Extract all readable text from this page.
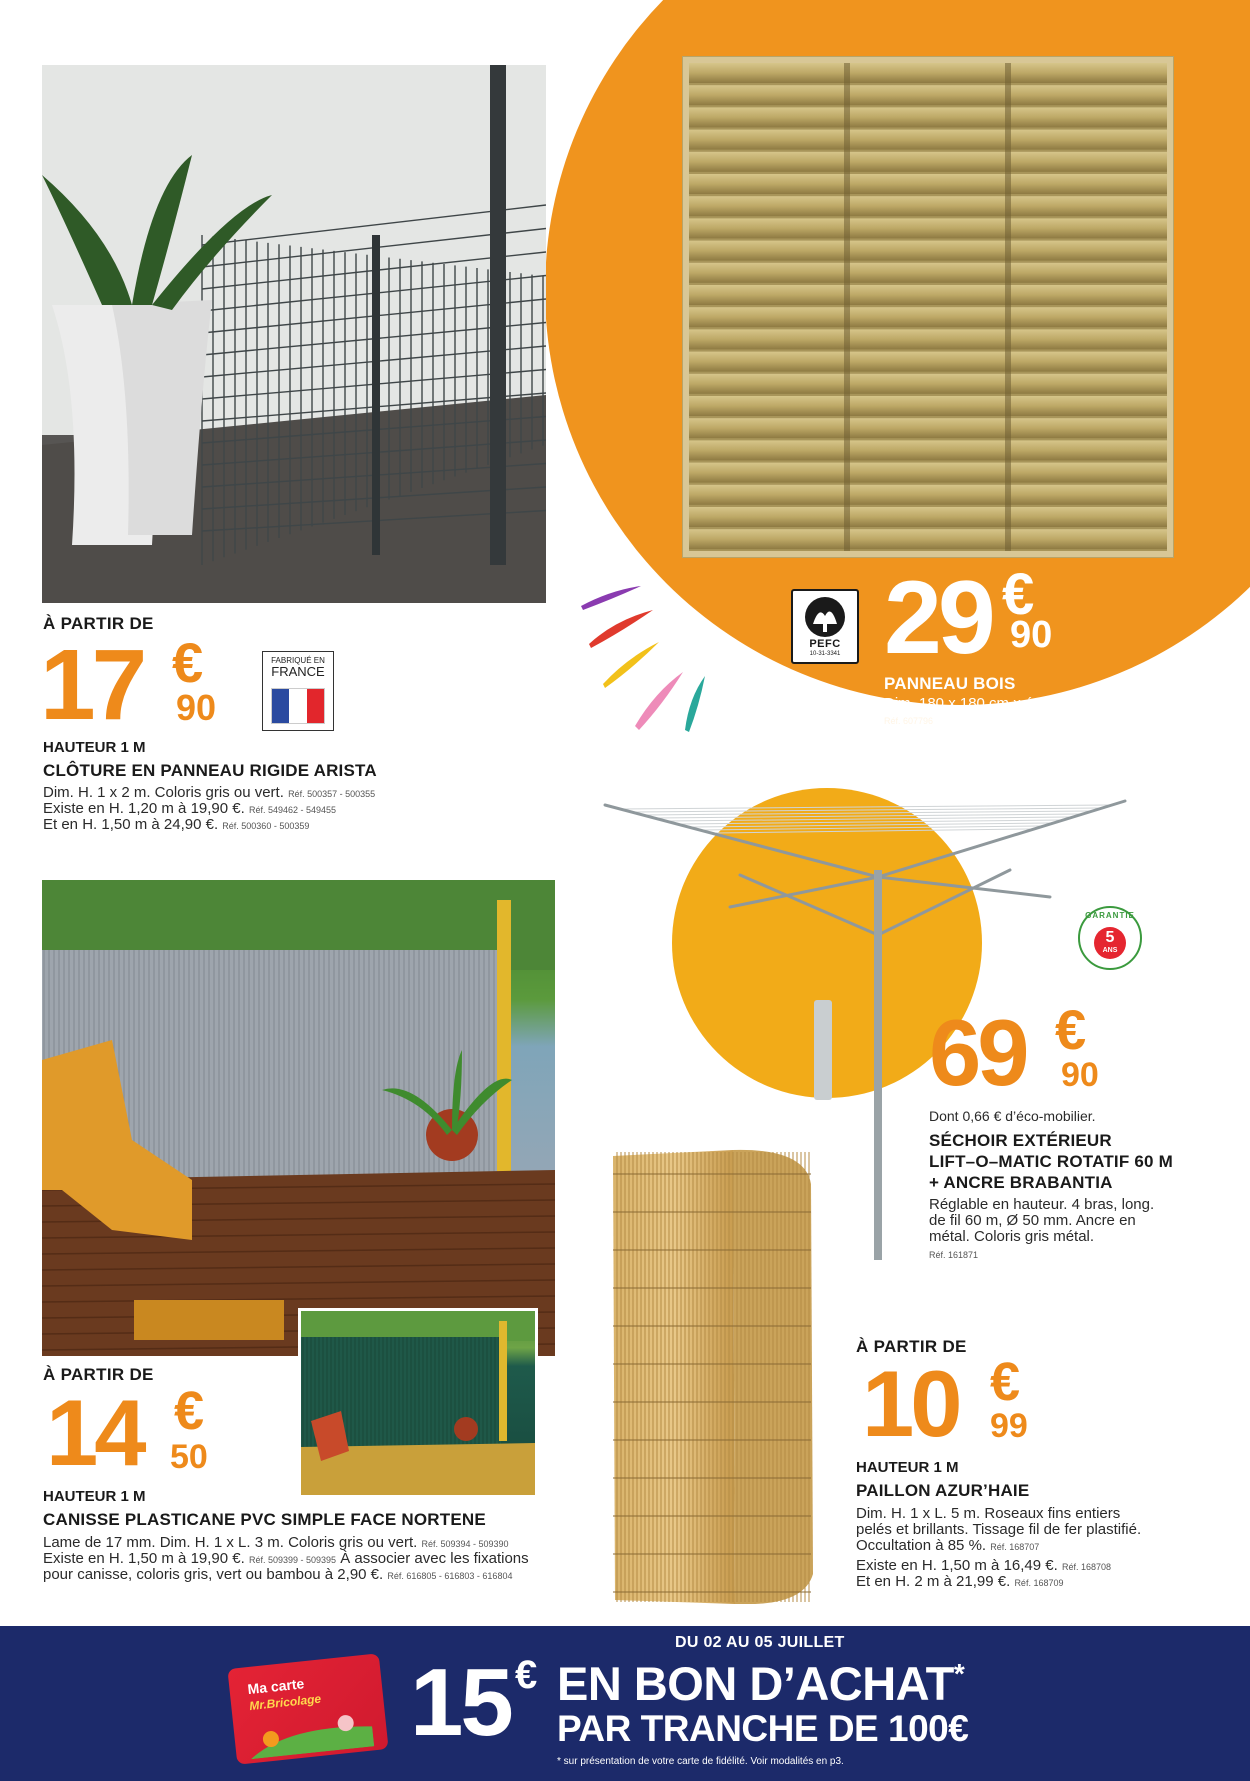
PEFC
10-31-3341 29 €
90
PANNEAU BOIS
Dim. 180 x 180 cm x ép. 30 mm.
Réf. 607796
À PARTIR DE
17 €
90
FABRIQUÉ EN
FRANCE
HAUTEUR 1 M
CLÔTURE EN PANNEAU RIGIDE ARISTA
Dim. H. 1 x 2 m. Coloris gris ou vert. Réf. 500357 - 500355
Existe en H. 1,20 m à 19,90 €. Réf. 549462 - 549455
Et en H. 1,50 m à 24,90 €. Réf. 500360 - 500359
GARANTIE
5
ANS
69 €
90
Dont 0,66 € d’éco-mobilier.
SÉCHOIR EXTÉRIEUR
LIFT–O–MATIC ROTATIF 60 M
+ ANCRE BRABANTIA
Réglable en hauteur. 4 bras, long.
de fil 60 m, Ø 50 mm. Ancre en
métal. Coloris gris métal.
Réf. 161871
À PARTIR DE
14 €
50
HAUTEUR 1 M
CANISSE PLASTICANE PVC SIMPLE FACE NORTENE
Lame de 17 mm. Dim. H. 1 x L. 3 m. Coloris gris ou vert. Réf. 509394 - 509390
Existe en H. 1,50 m à 19,90 €. Réf. 509399 - 509395 À associer avec les fixations
pour canisse, coloris gris, vert ou bambou à 2,90 €. Réf. 616805 - 616803 - 616804
À PARTIR DE
10 €
99
HAUTEUR 1 M
PAILLON AZUR’HAIE
Dim. H. 1 x L. 5 m. Roseaux fins entiers
pelés et brillants. Tissage fil de fer plastifié.
Occultation à 85 %. Réf. 168707
Existe en H. 1,50 m à 16,49 €. Réf. 168708
Et en H. 2 m à 21,99 €. Réf. 168709
DU 02 AU 05 JUILLET
Ma carte
Mr.Bricolage 15 € EN BON D’ACHAT*
PAR TRANCHE DE 100€
* sur présentation de votre carte de fidélité. Voir modalités en p3.
